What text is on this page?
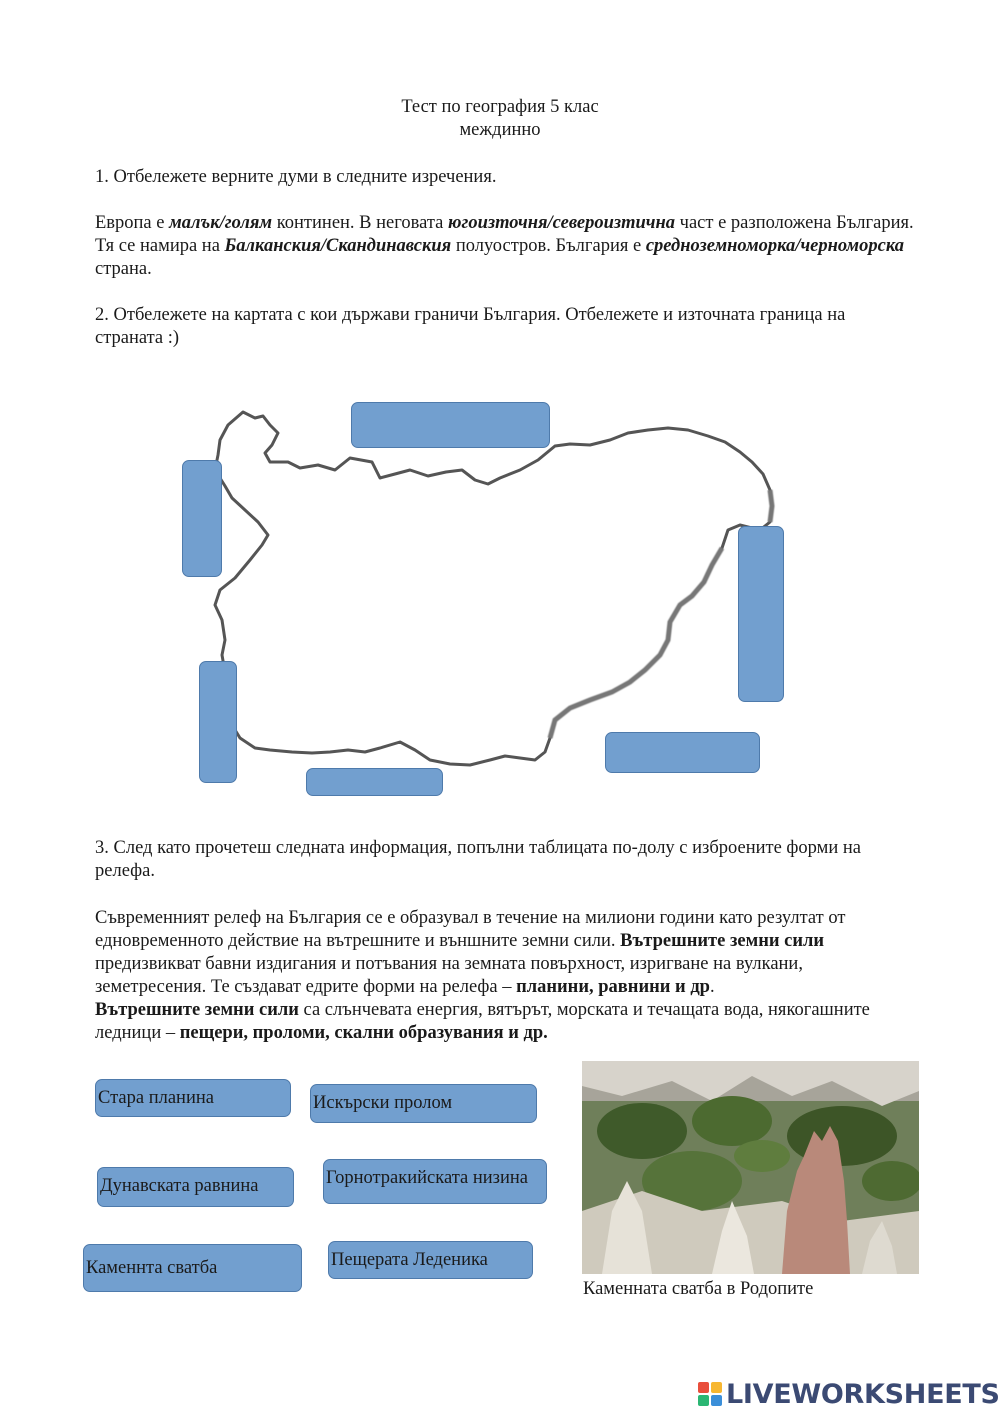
Тест по география 5 клас
междинно
1. Отбележете верните думи в следните изречения.
Европа е малък/голям континен. В неговата югоизточня/североизтична част е разположена България. Тя се намира на Балканския/Скандинавския полуостров. България е средноземноморка/черноморска страна.
2. Отбележете на картата с кои държави граничи България. Отбележете и източната граница на страната :)
3. След като прочетеш следната информация, попълни таблицата по-долу с изброените форми на релефа.
Съвременният релеф на България се е образувал в течение на милиони години като резултат от едновременното действие на вътрешните и външните земни сили. Вътрешните земни сили предизвикват бавни издигания и потъвания на земната повърхност, изригване на вулкани, земетресения. Те създават едрите форми на релефа – планини, равнини и др.
Вътрешните земни сили са слънчевата енергия, вятърът, морската и течащата вода, някогашните ледници – пещери, проломи, скални образувания и др.
Стара планина	Искърски пролом
Дунавската равнина	Горнотракийската низина
Каменнта сватба	Пещерата Леденика
Каменната сватба в Родопите
LIVEWORKSHEETS
